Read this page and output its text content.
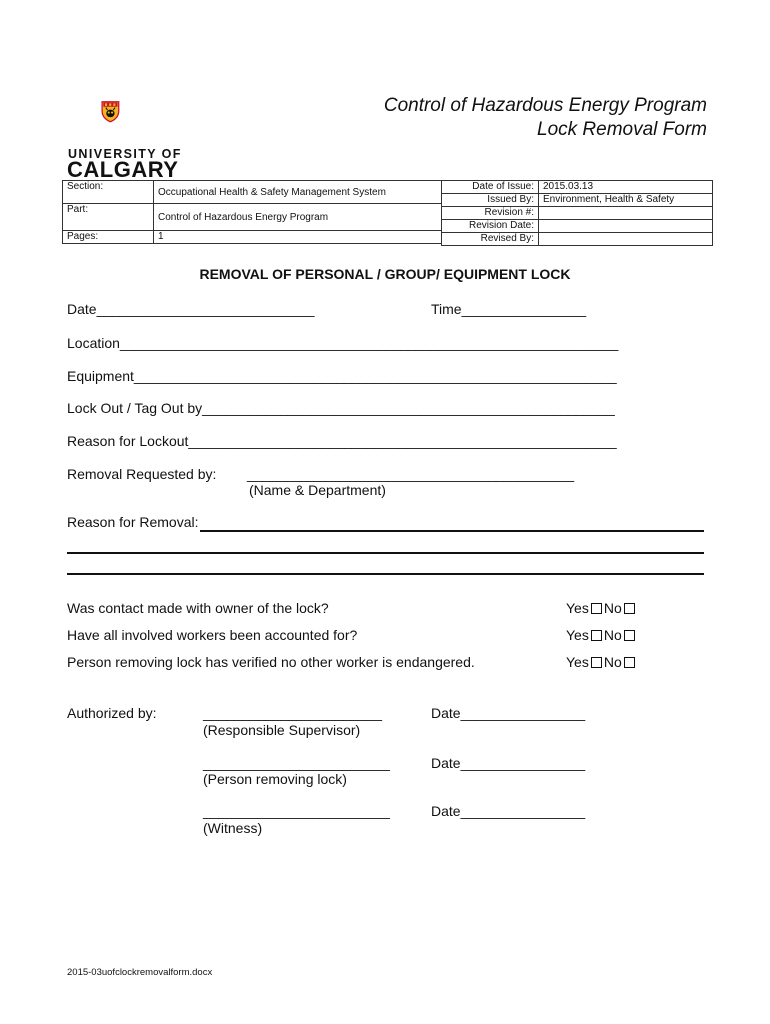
UNIVERSITY OF
CALGARY
Control of Hazardous Energy Program
Lock Removal Form
Section:	Occupational Health & Safety Management System
Part:	Control of Hazardous Energy Program
Pages:	1
Date of Issue:	2015.03.13
Issued By:	Environment, Health & Safety
Revision #:	
Revision Date:	
Revised By:	
REMOVAL OF PERSONAL / GROUP/ EQUIPMENT LOCK
Date____________________________	Time________________
Location________________________________________________________________
Equipment______________________________________________________________
Lock Out / Tag Out by_____________________________________________________
Reason for Lockout_______________________________________________________
Removal Requested by: __________________________________________
(Name & Department)
Reason for Removal:
Was contact made with owner of the lock?	Yes No
Have all involved workers been accounted for?	Yes No
Person removing lock has verified no other worker is endangered.	Yes No
Authorized by:	_______________________
(Responsible Supervisor)
Date________________
________________________
(Person removing lock)
Date________________
________________________
(Witness)
Date________________
2015-03uofclockremovalform.docx
